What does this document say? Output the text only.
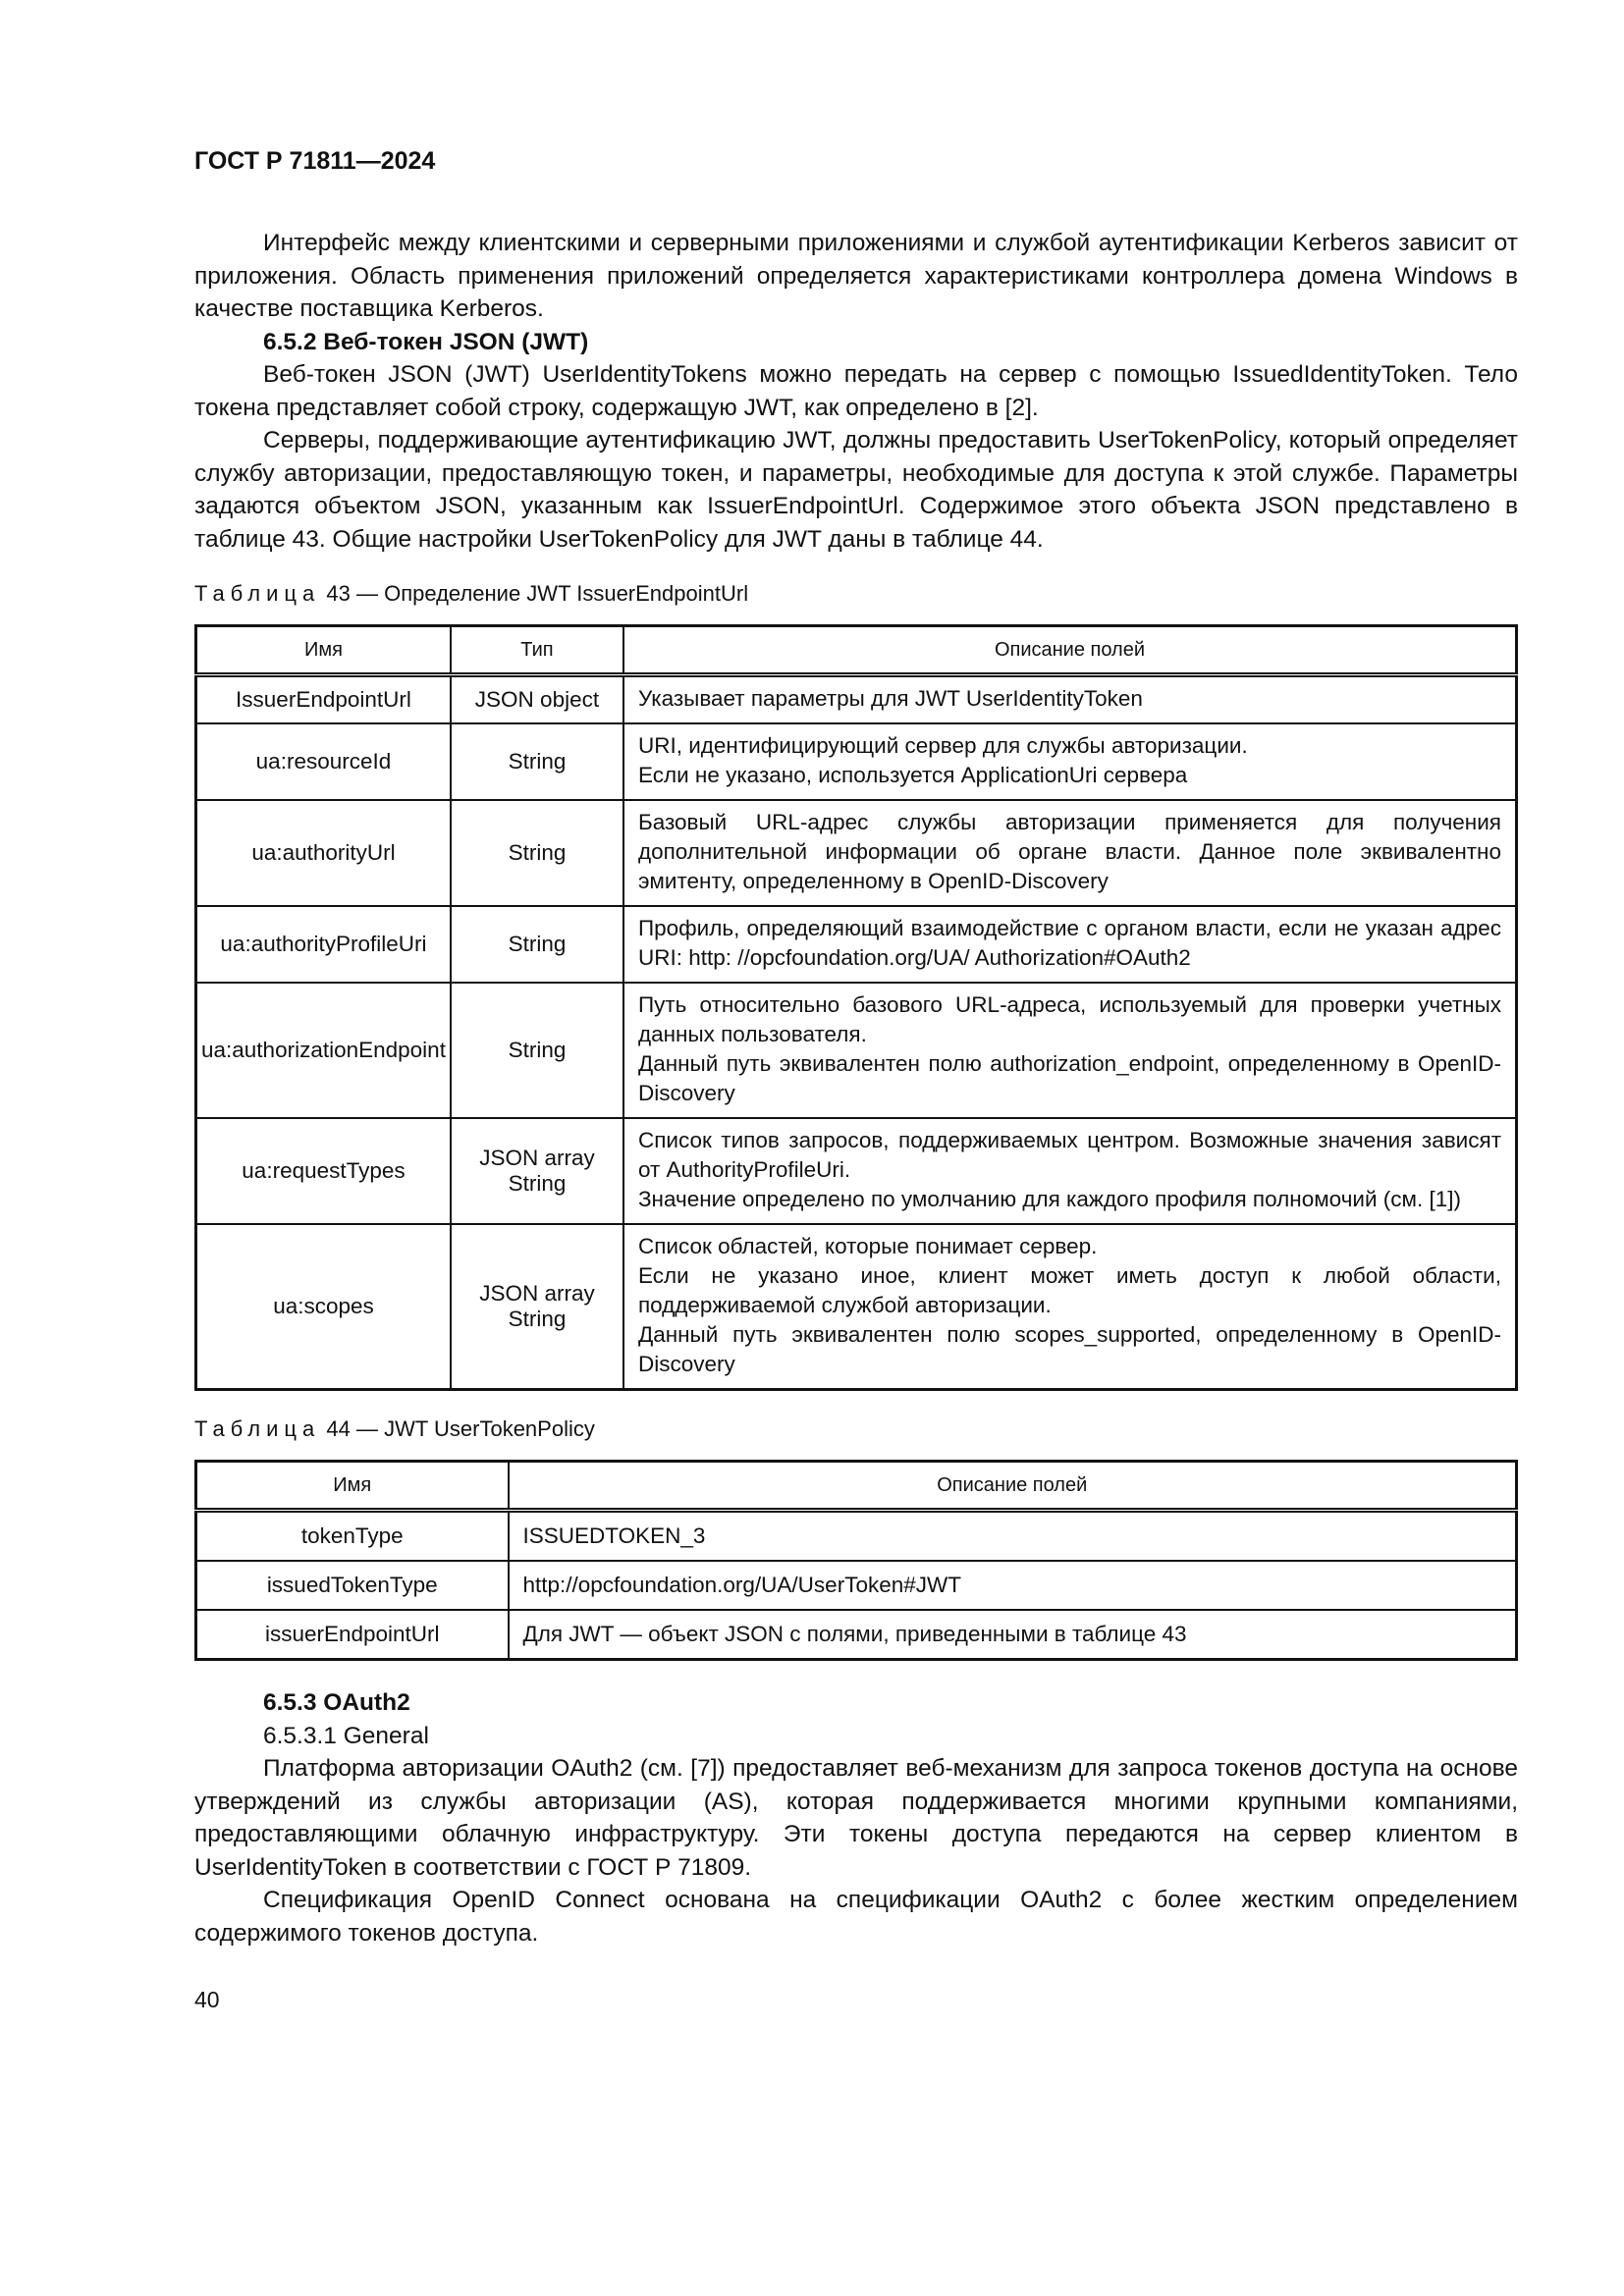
ГОСТ Р 71811—2024

Интерфейс между клиентскими и серверными приложениями и службой аутентификации Kerberos зависит от приложения. Область применения приложений определяется характеристиками контроллера домена Windows в качестве поставщика Kerberos.

6.5.2 Веб-токен JSON (JWT)

Веб-токен JSON (JWT) UserIdentityTokens можно передать на сервер с помощью IssuedIdentityToken. Тело токена представляет собой строку, содержащую JWT, как определено в [2].

Серверы, поддерживающие аутентификацию JWT, должны предоставить UserTokenPolicy, который определяет службу авторизации, предоставляющую токен, и параметры, необходимые для доступа к этой службе. Параметры задаются объектом JSON, указанным как IssuerEndpointUrl. Содержимое этого объекта JSON представлено в таблице 43. Общие настройки UserTokenPolicy для JWT даны в таблице 44.

Таблица 43 — Определение JWT IssuerEndpointUrl
Имя	Тип	Описание полей
IssuerEndpointUrl	JSON object	Указывает параметры для JWT UserIdentityToken
ua:resourceId	String	URI, идентифицирующий сервер для службы авторизации.
Если не указано, используется ApplicationUri сервера
ua:authorityUrl	String	Базовый URL-адрес службы авторизации применяется для получения дополнительной информации об органе власти. Данное поле эквивалентно эмитенту, определенному в OpenID-Discovery
ua:authorityProfileUri	String	Профиль, определяющий взаимодействие с органом власти, если не указан адрес URI: http: //opcfoundation.org/UA/ Authorization#OAuth2
ua:authorizationEndpoint	String	Путь относительно базового URL-адреса, используемый для проверки учетных данных пользователя.
Данный путь эквивалентен полю authorization_endpoint, определенному в OpenID-Discovery
ua:requestTypes	JSON array String	Список типов запросов, поддерживаемых центром. Возможные значения зависят от AuthorityProfileUri.
Значение определено по умолчанию для каждого профиля полномочий (см. [1])
ua:scopes	JSON array String	Список областей, которые понимает сервер.
Если не указано иное, клиент может иметь доступ к любой области, поддерживаемой службой авторизации.
Данный путь эквивалентен полю scopes_supported, определенному в OpenID-Discovery
Таблица 44 — JWT UserTokenPolicy
Имя	Описание полей
tokenType	ISSUEDTOKEN_3
issuedTokenType	http://opcfoundation.org/UA/UserToken#JWT
issuerEndpointUrl	Для JWT — объект JSON с полями, приведенными в таблице 43
6.5.3 OAuth2
6.5.3.1 General

Платформа авторизации OAuth2 (см. [7]) предоставляет веб-механизм для запроса токенов доступа на основе утверждений из службы авторизации (AS), которая поддерживается многими крупными компаниями, предоставляющими облачную инфраструктуру. Эти токены доступа передаются на сервер клиентом в UserIdentityToken в соответствии с ГОСТ Р 71809.

Спецификация OpenID Connect основана на спецификации OAuth2 с более жестким определением содержимого токенов доступа.

40
